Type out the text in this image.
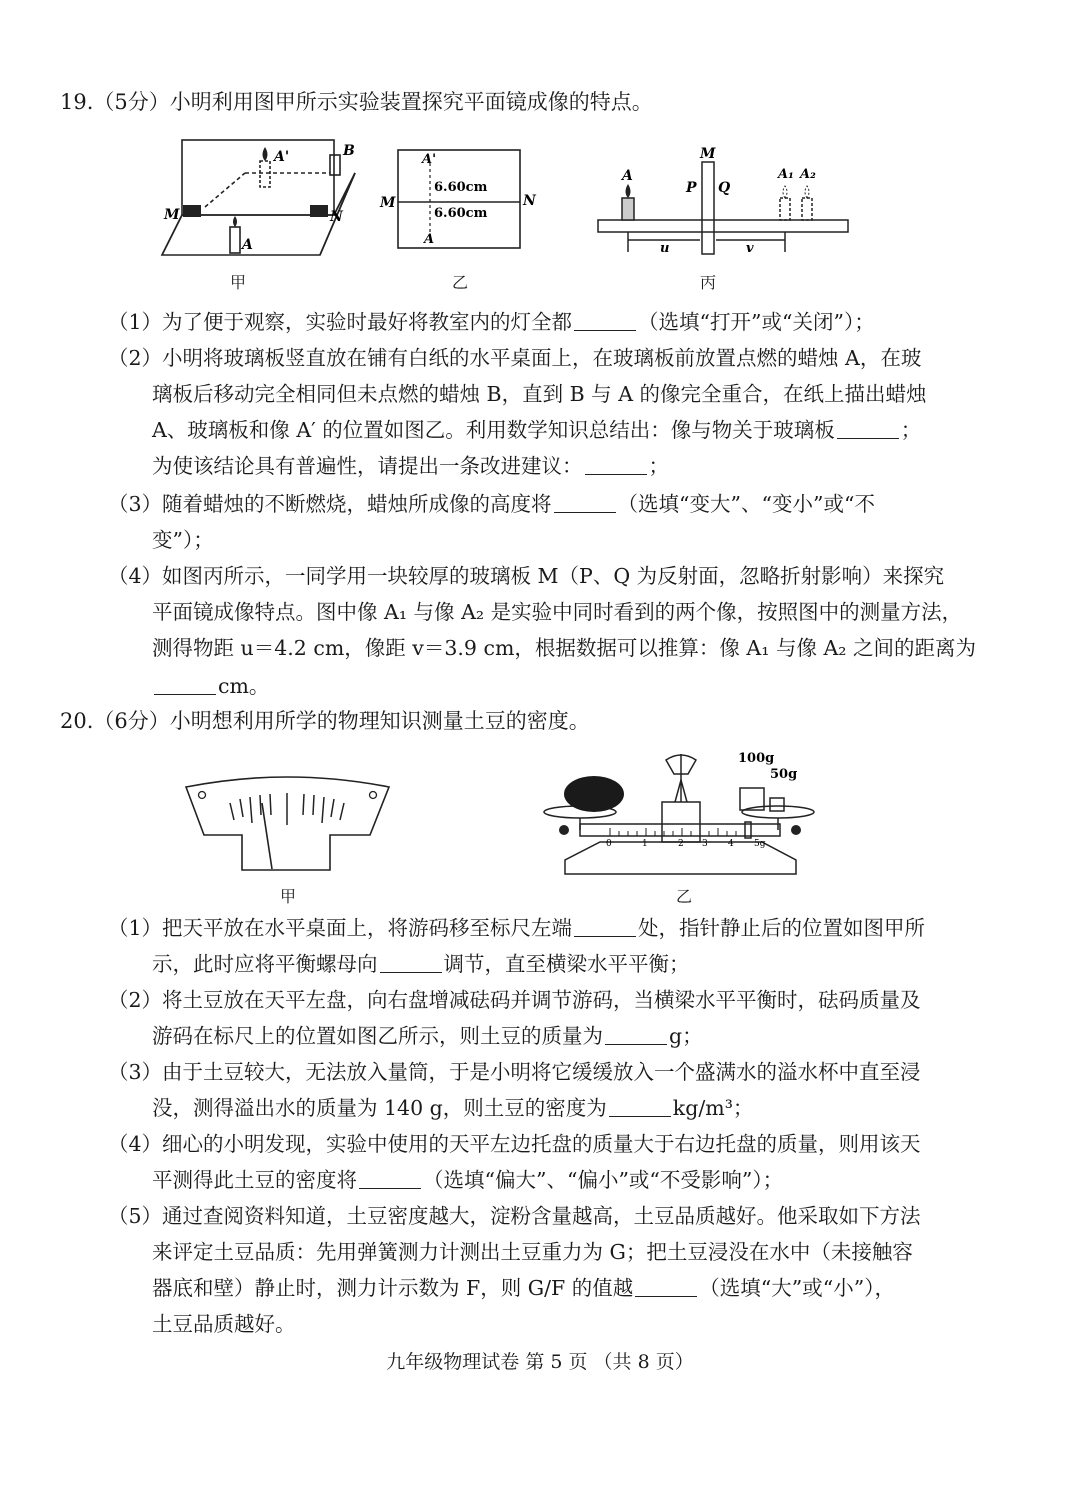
19.（5分）小明利用图甲所示实验装置探究平面镜成像的特点。
A'	B
M	N
A
甲
A'
6.60cm
6.60cm
M	N
A
乙
A
M
P Q
A₁ A₂
u	v
丙
（1）为了便于观察，实验时最好将教室内的灯全都	（选填“打开”或“关闭”）；
（2）小明将玻璃板竖直放在铺有白纸的水平桌面上，在玻璃板前放置点燃的蜡烛 A，在玻
璃板后移动完全相同但未点燃的蜡烛 B，直到 B 与 A 的像完全重合，在纸上描出蜡烛
A、玻璃板和像 A′ 的位置如图乙。利用数学知识总结出：像与物关于玻璃板	；
为使该结论具有普遍性，请提出一条改进建议：	；
（3）随着蜡烛的不断燃烧，蜡烛所成像的高度将	（选填“变大”、“变小”或“不
变”）；
（4）如图丙所示，一同学用一块较厚的玻璃板 M（P、Q 为反射面，忽略折射影响）来探究
平面镜成像特点。图中像 A₁ 与像 A₂ 是实验中同时看到的两个像，按照图中的测量方法，
测得物距 u＝4.2 cm，像距 v＝3.9 cm，根据数据可以推算：像 A₁ 与像 A₂ 之间的距离为
cm。
20.（6分）小明想利用所学的物理知识测量土豆的密度。
甲
0	1	2 3 4 5g
100g
50g
乙
（1）把天平放在水平桌面上，将游码移至标尺左端	处，指针静止后的位置如图甲所
示，此时应将平衡螺母向	调节，直至横梁水平平衡；
（2）将土豆放在天平左盘，向右盘增减砝码并调节游码，当横梁水平平衡时，砝码质量及
游码在标尺上的位置如图乙所示，则土豆的质量为	g；
（3）由于土豆较大，无法放入量筒，于是小明将它缓缓放入一个盛满水的溢水杯中直至浸
没，测得溢出水的质量为 140 g，则土豆的密度为	kg/m³；
（4）细心的小明发现，实验中使用的天平左边托盘的质量大于右边托盘的质量，则用该天
平测得此土豆的密度将	（选填“偏大”、“偏小”或“不受影响”）；
（5）通过查阅资料知道，土豆密度越大，淀粉含量越高，土豆品质越好。他采取如下方法
来评定土豆品质：先用弹簧测力计测出土豆重力为 G；把土豆浸没在水中（未接触容
器底和壁）静止时，测力计示数为 F，则 G/F 的值越	（选填“大”或“小”），
土豆品质越好。
九年级物理试卷 第 5 页 （共 8 页）
